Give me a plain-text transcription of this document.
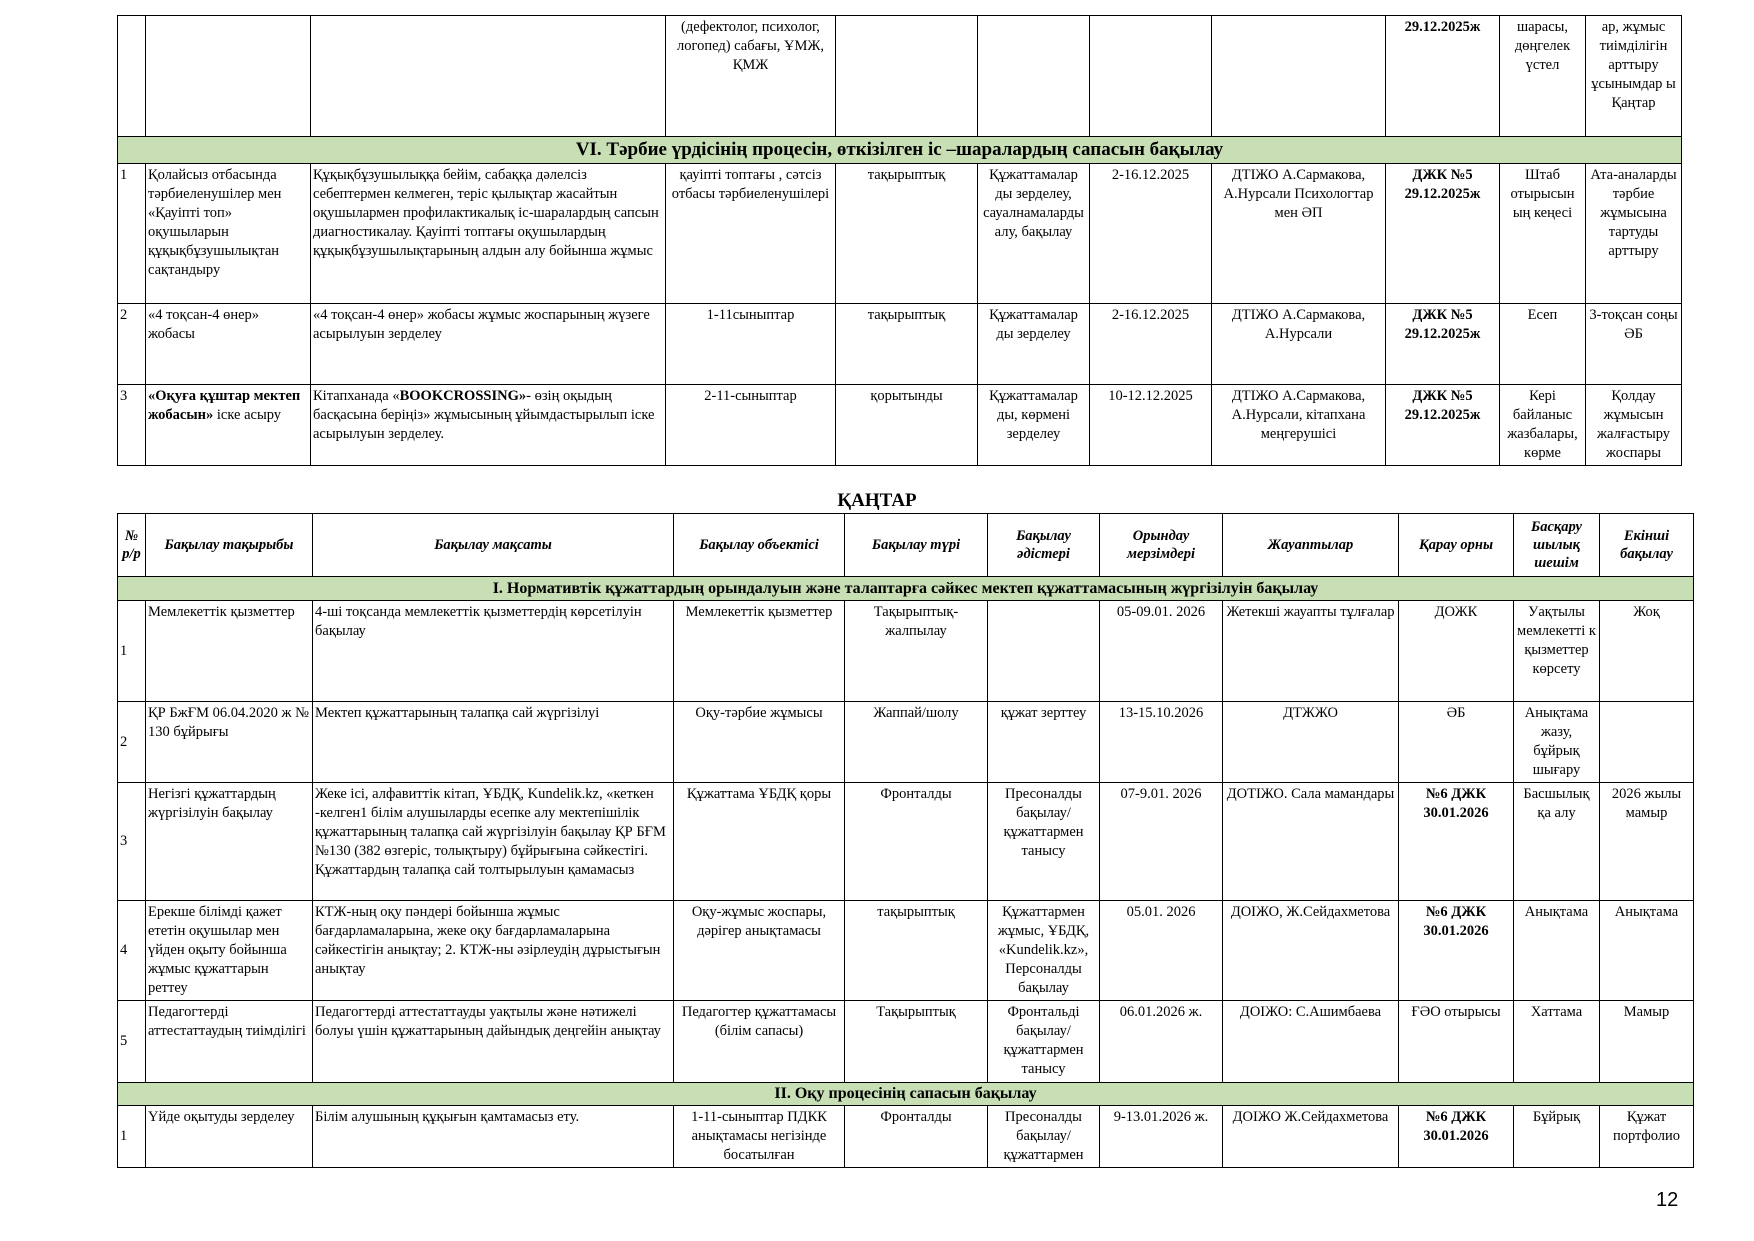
			(дефектолог, психолог, логопед) сабағы, ҰМЖ, ҚМЖ					29.12.2025ж	шарасы, дөңгелек үстел	ар, жұмыс тиімділігін арттыру ұсынымдар ы Қаңтар
VI. Тәрбие үрдісінің процесін, өткізілген іс –шаралардың сапасын бақылау										
1	Қолайсыз отбасында тәрбиеленушілер мен «Қауіпті топ» оқушыларын құқықбұзушылықтан сақтандыру	Құқықбұзушылыққа бейім, сабаққа дәлелсіз себептермен келмеген, теріс қылықтар жасайтын оқушылармен профилактикалық іс-шаралардың сапсын диагностикалау. Қауіпті топтағы оқушылардың құқықбұзушылықтарының алдын алу бойынша жұмыс	қауіпті топтағы , сәтсіз отбасы тәрбиеленушілері	тақырыптық	Құжаттамалар ды зерделеу, сауалнамаларды алу, бақылау	2-16.12.2025	ДТІЖО А.Сармакова, А.Нурсали Психологтар мен ӘП	ДЖК №5 29.12.2025ж	Штаб отырысын ың кеңесі	Ата-аналарды тәрбие жұмысына тартуды арттыру
2	«4 тоқсан-4 өнер» жобасы	«4 тоқсан-4 өнер» жобасы жұмыс жоспарының жүзеге асырылуын зерделеу	1-11сыныптар	тақырыптық	Құжаттамалар ды зерделеу	2-16.12.2025	ДТІЖО А.Сармакова, А.Нурсали	ДЖК №5 29.12.2025ж	Есеп	3-тоқсан соңы ӘБ
3	«Оқуға құштар мектеп жобасын» іске асыру	Кітапханада «BOOKCROSSING»- өзің оқыдың басқасына беріңіз» жұмысының ұйымдастырылып іске асырылуын зерделеу.	2-11-сыныптар	қорытынды	Құжаттамалар ды, көрмені зерделеу	10-12.12.2025	ДТІЖО А.Сармакова, А.Нурсали, кітапхана меңгерушісі	ДЖК №5 29.12.2025ж	Кері байланыс жазбалары, көрме	Қолдау жұмысын жалғастыру жоспары
ҚАҢТАР
№ р/р	Бақылау тақырыбы	Бақылау мақсаты	Бақылау объектісі	Бақылау түрі	Бақылау әдістері	Орындау мерзімдері	Жауаптылар	Қарау орны	Басқару шылық шешім	Екінші бақылау
І. Нормативтік құжаттардың орындалуын және талаптарға сәйкес мектеп құжаттамасының жүргізілуін бақылау										
1	Мемлекеттік қызметтер	4-ші тоқсанда мемлекеттік қызметтердің көрсетілуін бақылау	Мемлекеттік қызметтер	Тақырыптық-жалпылау		05-09.01. 2026	Жетекші жауапты тұлғалар	ДОЖК	Уақтылы мемлекетті к қызметтер көрсету	Жоқ
2	ҚР БжҒМ 06.04.2020 ж № 130 бұйрығы	Мектеп құжаттарының талапқа сай жүргізілуі	Оқу-тәрбие жұмысы	Жаппай/шолу	құжат зерттеу	13-15.10.2026	ДТЖЖО	ӘБ	Анықтама жазу, бұйрық шығару	
3	Негізгі құжаттардың жүргізілуін бақылау	Жеке ісі, алфавиттік кітап, ҰБДҚ, Kundelik.kz, «кеткен -келген1 білім алушыларды есепке алу мектепішілік құжаттарының талапқа сай жүргізілуін бақылау ҚР БҒМ №130 (382 өзгеріс, толықтыру) бұйрығына сәйкестігі. Құжаттардың талапқа сай толтырылуын қамамасыз	Құжаттама ҰБДҚ қоры	Фронталды	Пресоналды бақылау/ құжаттармен танысу	07-9.01. 2026	ДОТІЖО. Сала мамандары	№6 ДЖК 30.01.2026	Басшылық қа алу	2026 жылы мамыр
4	Ерекше білімді қажет ететін оқушылар мен үйден оқыту бойынша жұмыс құжаттарын реттеу	КТЖ-ның оқу пәндері бойынша жұмыс бағдарламаларына, жеке оқу бағдарламаларына сәйкестігін анықтау; 2. КТЖ-ны әзірлеудің дұрыстығын анықтау	Оқу-жұмыс жоспары, дәрігер анықтамасы	тақырыптық	Құжаттармен жұмыс, ҰБДҚ, «Kundelik.kz», Персоналды бақылау	05.01. 2026	ДОІЖО, Ж.Сейдахметова	№6 ДЖК 30.01.2026	Анықтама	Анықтама
5	Педагогтерді аттестаттаудың тиімділігі	Педагогтерді аттестаттауды уақтылы және нәтижелі болуы үшін құжаттарының дайындық деңгейін анықтау	Педагогтер құжаттамасы (білім сапасы)	Тақырыптық	Фронтальді бақылау/ құжаттармен танысу	06.01.2026 ж.	ДОІЖО: С.Ашимбаева	ҒӘО отырысы	Хаттама	Мамыр
ІІ. Оқу процесінің сапасын бақылау										
1	Үйде оқытуды зерделеу	Білім алушының құқығын қамтамасыз ету.	1-11-сыныптар ПДКК анықтамасы негізінде босатылған	Фронталды	Пресоналды бақылау/ құжаттармен	9-13.01.2026 ж.	ДОІЖО Ж.Сейдахметова	№6 ДЖК 30.01.2026	Бұйрық	Құжат портфолио
12
